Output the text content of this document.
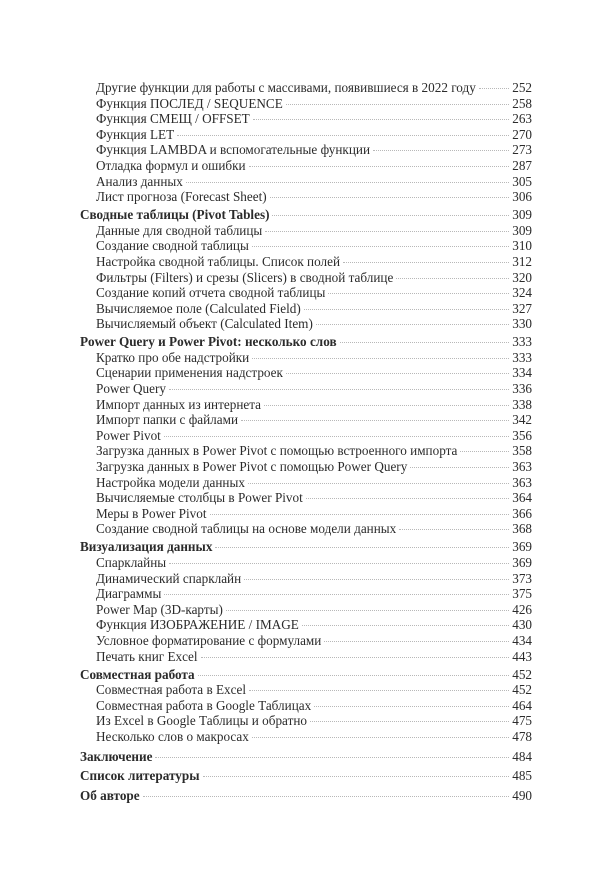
Другие функции для работы с массивами, появившиеся в 2022 году	252
Функция ПОСЛЕД / SEQUENCE	258
Функция СМЕЩ / OFFSET	263
Функция LET	270
Функция LAMBDA и вспомогательные функции	273
Отладка формул и ошибки	287
Анализ данных	305
Лист прогноза (Forecast Sheet)	306
Сводные таблицы (Pivot Tables)	309
Данные для сводной таблицы	309
Создание сводной таблицы	310
Настройка сводной таблицы. Список полей	312
Фильтры (Filters) и срезы (Slicers) в сводной таблице	320
Создание копий отчета сводной таблицы	324
Вычисляемое поле (Calculated Field)	327
Вычисляемый объект (Calculated Item)	330
Power Query и Power Pivot: несколько слов	333
Кратко про обе надстройки	333
Сценарии применения надстроек	334
Power Query	336
Импорт данных из интернета	338
Импорт папки с файлами	342
Power Pivot	356
Загрузка данных в Power Pivot с помощью встроенного импорта	358
Загрузка данных в Power Pivot с помощью Power Query	363
Настройка модели данных	363
Вычисляемые столбцы в Power Pivot	364
Меры в Power Pivot	366
Создание сводной таблицы на основе модели данных	368
Визуализация данных	369
Спарклайны	369
Динамический спарклайн	373
Диаграммы	375
Power Map (3D-карты)	426
Функция ИЗОБРАЖЕНИЕ / IMAGE	430
Условное форматирование с формулами	434
Печать книг Excel	443
Совместная работа	452
Совместная работа в Excel	452
Совместная работа в Google Таблицах	464
Из Excel в Google Таблицы и обратно	475
Несколько слов о макросах	478
Заключение	484
Список литературы	485
Об авторе	490
